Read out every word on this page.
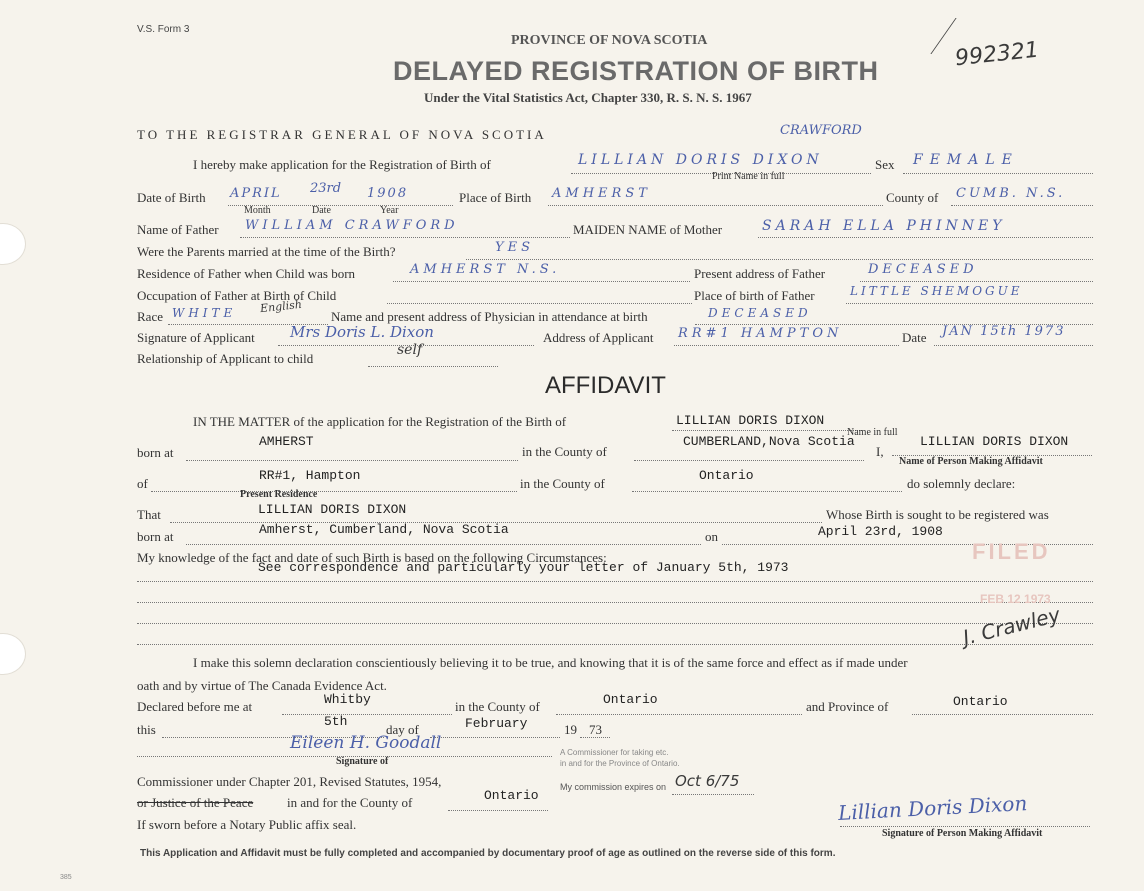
V.S. Form 3
PROVINCE OF NOVA SCOTIA
DELAYED REGISTRATION OF BIRTH
Under the Vital Statistics Act, Chapter 330, R. S. N. S. 1967
992321
TO THE REGISTRAR GENERAL OF NOVA SCOTIA	CRAWFORD
I hereby make application for the Registration of Birth of	LILLIAN DORIS DIXON	Sex FEMALE
Print Name in full
Date of Birth APRIL 23rd 1908
Month	Date	Year
Place of Birth AMHERST	County of CUMB. N.S.
Name of Father WILLIAM CRAWFORD	MAIDEN NAME of Mother	SARAH ELLA PHINNEY
Were the Parents married at the time of the Birth?	YES
Residence of Father when Child was born	AMHERST N.S.	Present address of Father	DECEASED
Occupation of Father at Birth of Child	Place of birth of Father	LITTLE SHEMOGUE
Race WHITE English
Name and present address of Physician in attendance at birth	DECEASED
Signature of Applicant Mrs Doris L. Dixon	Address of Applicant RR#1 HAMPTON	Date JAN 15th 1973
Relationship of Applicant to child
self
AFFIDAVIT
IN THE MATTER of the application for the Registration of the Birth of	LILLIAN DORIS DIXON
Name in full
born at
AMHERST
in the County of
CUMBERLAND,Nova Scotia
I,
LILLIAN DORIS DIXON
Name of Person Making Affidavit
of
RR#1, Hampton
Present Residence
in the County of
Ontario
do solemnly declare:
That	LILLIAN DORIS DIXON	Whose Birth is sought to be registered was
born at	Amherst, Cumberland, Nova Scotia	on	April 23rd, 1908
My knowledge of the fact and date of such Birth is based on the following Circumstances:
See correspondence and particularly your letter of January 5th, 1973
FILED
FEB 12 1973
J. Crawley
I make this solemn declaration conscientiously believing it to be true, and knowing that it is of the same force and effect as if made under
oath and by virtue of The Canada Evidence Act.
Declared before me at	Whitby	in the County of	Ontario	and Province of	Ontario
this
5th
day of	February	19 73
Eileen H. Goodall
Signature of
A Commissioner for taking etc.
in and for the Province of Ontario.
Commissioner under Chapter 201, Revised Statutes, 1954,
or Justice of the Peace	in and for the County of	Ontario
My commission expires on Oct 6/75
If sworn before a Notary Public affix seal.	Lillian Doris Dixon
Signature of Person Making Affidavit
This Application and Affidavit must be fully completed and accompanied by documentary proof of age as outlined on the reverse side of this form.
385
